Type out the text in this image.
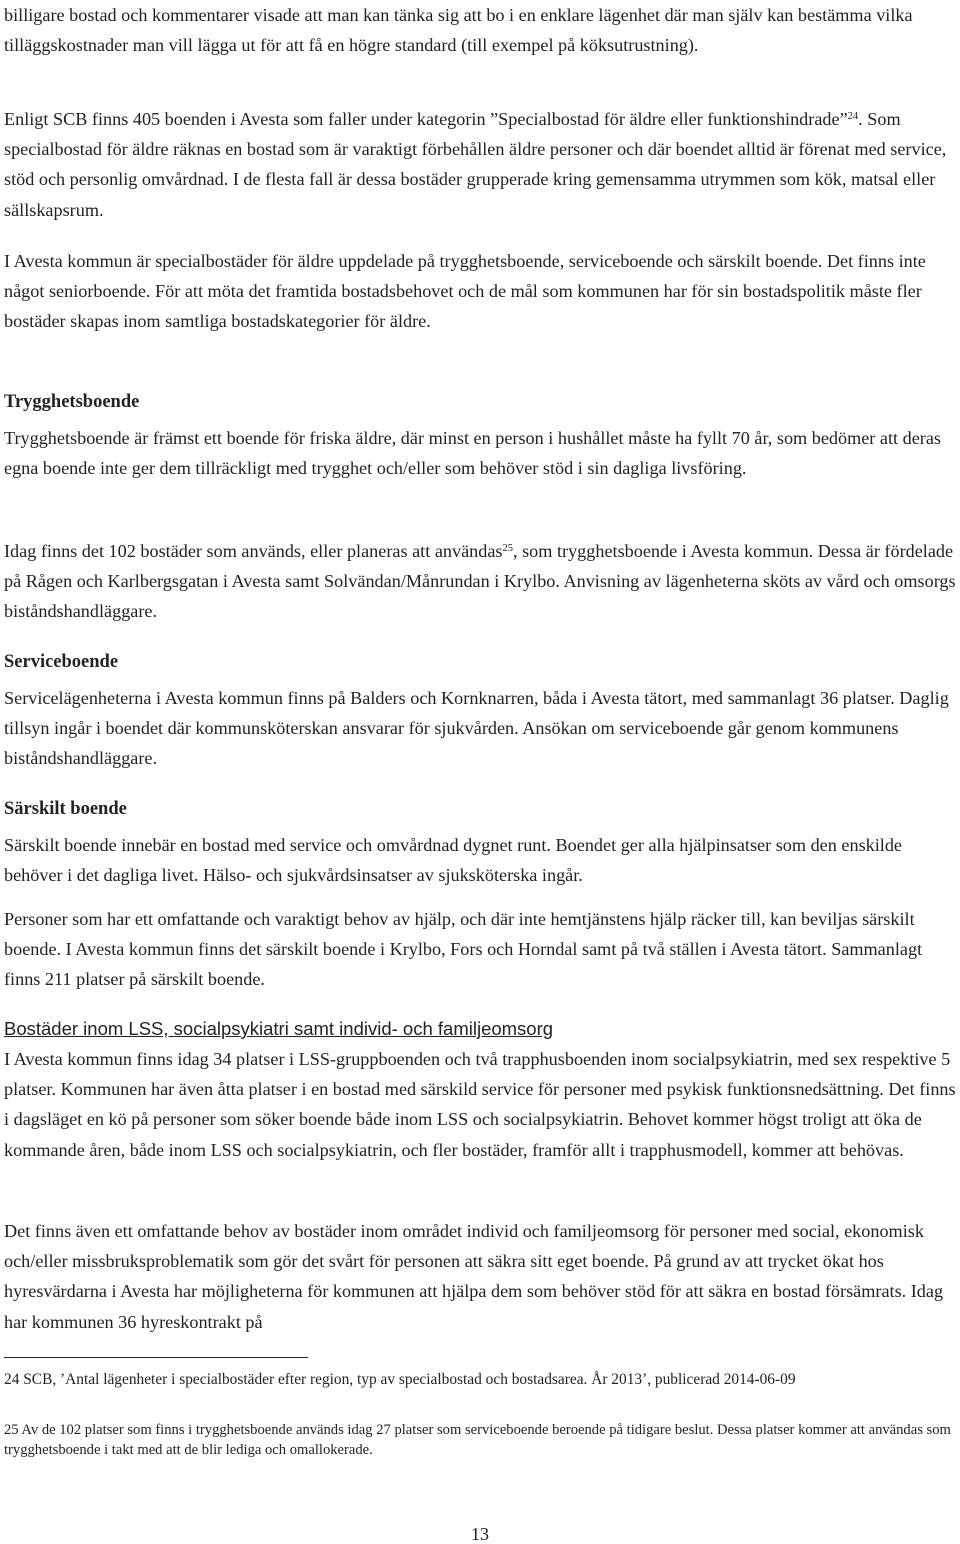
billigare bostad och kommentarer visade att man kan tänka sig att bo i en enklare lägenhet där man själv kan bestämma vilka tilläggskostnader man vill lägga ut för att få en högre standard (till exempel på köksutrustning).

Enligt SCB finns 405 boenden i Avesta som faller under kategorin ”Specialbostad för äldre eller funktionshindrade”$^{24}$. Som specialbostad för äldre räknas en bostad som är varaktigt förbehållen äldre personer och där boendet alltid är förenat med service, stöd och personlig omvårdnad. I de flesta fall är dessa bostäder grupperade kring gemensamma utrymmen som kök, matsal eller sällskapsrum.

I Avesta kommun är specialbostäder för äldre uppdelade på trygghetsboende, serviceboende och särskilt boende. Det finns inte något seniorboende. För att möta det framtida bostadsbehovet och de mål som kommunen har för sin bostadspolitik måste fler bostäder skapas inom samtliga bostadskategorier för äldre.

Trygghetsboende

Trygghetsboende är främst ett boende för friska äldre, där minst en person i hushållet måste ha fyllt 70 år, som bedömer att deras egna boende inte ger dem tillräckligt med trygghet och/eller som behöver stöd i sin dagliga livsföring.

Idag finns det 102 bostäder som används, eller planeras att användas$^{25}$, som trygghetsboende i Avesta kommun. Dessa är fördelade på Rågen och Karlbergsgatan i Avesta samt Solvändan/Månrundan i Krylbo. Anvisning av lägenheterna sköts av vård och omsorgs biståndshandläggare.

Serviceboende

Servicelägenheterna i Avesta kommun finns på Balders och Kornknarren, båda i Avesta tätort, med sammanlagt 36 platser. Daglig tillsyn ingår i boendet där kommunsköterskan ansvarar för sjukvården. Ansökan om serviceboende går genom kommunens biståndshandläggare.

Särskilt boende

Särskilt boende innebär en bostad med service och omvårdnad dygnet runt. Boendet ger alla hjälpinsatser som den enskilde behöver i det dagliga livet. Hälso- och sjukvårdsinsatser av sjuksköterska ingår.

Personer som har ett omfattande och varaktigt behov av hjälp, och där inte hemtjänstens hjälp räcker till, kan beviljas särskilt boende. I Avesta kommun finns det särskilt boende i Krylbo, Fors och Horndal samt på två ställen i Avesta tätort. Sammanlagt finns 211 platser på särskilt boende.

Bostäder inom LSS, socialpsykiatri samt individ- och familjeomsorg

I Avesta kommun finns idag 34 platser i LSS-gruppboenden och två trapphusboenden inom socialpsykiatrin, med sex respektive 5 platser. Kommunen har även åtta platser i en bostad med särskild service för personer med psykisk funktionsnedsättning. Det finns i dagsläget en kö på personer som söker boende både inom LSS och socialpsykiatrin. Behovet kommer högst troligt att öka de kommande åren, både inom LSS och socialpsykiatrin, och fler bostäder, framför allt i trapphusmodell, kommer att behövas.

Det finns även ett omfattande behov av bostäder inom området individ och familjeomsorg för personer med social, ekonomisk och/eller missbruksproblematik som gör det svårt för personen att säkra sitt eget boende. På grund av att trycket ökat hos hyresvärdarna i Avesta har möjligheterna för kommunen att hjälpa dem som behöver stöd för att säkra en bostad försämrats. Idag har kommunen 36 hyreskontrakt på

24 SCB, ’Antal lägenheter i specialbostäder efter region, typ av specialbostad och bostadsarea. År 2013’, publicerad 2014-06-09

25 Av de 102 platser som finns i trygghetsboende används idag 27 platser som serviceboende beroende på tidigare beslut. Dessa platser kommer att användas som trygghetsboende i takt med att de blir lediga och omallokerade.

13
